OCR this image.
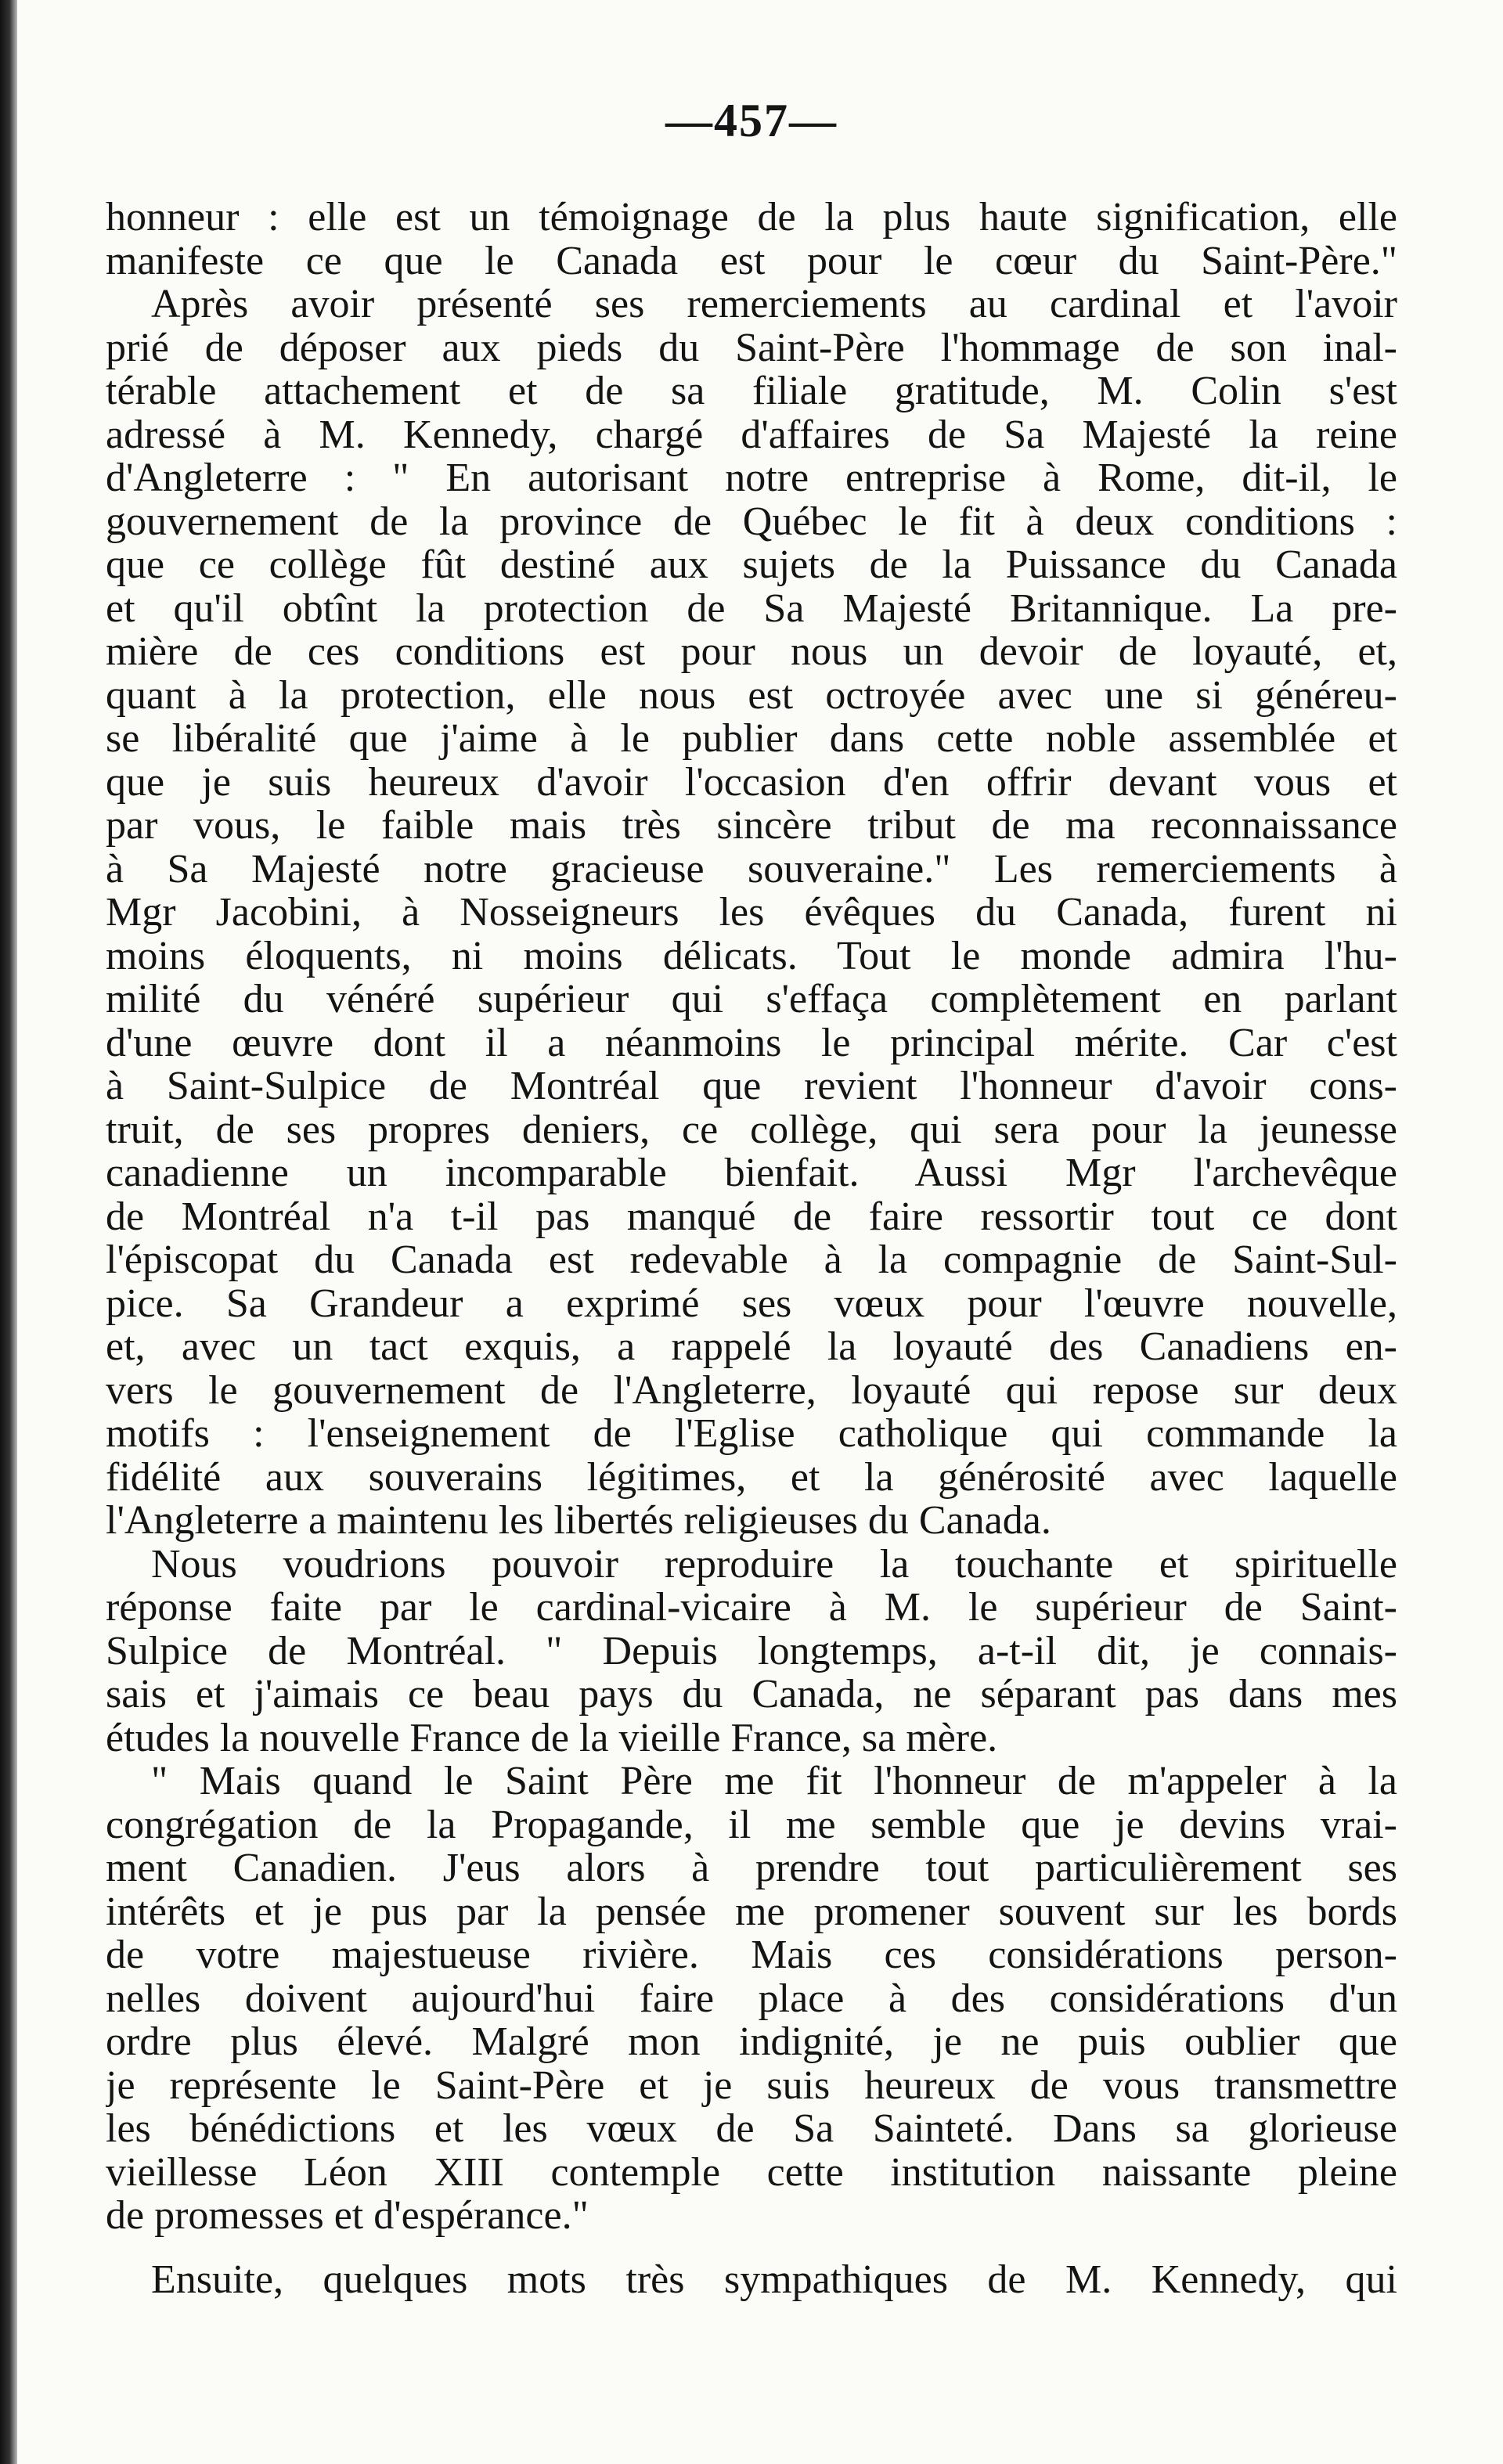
—457—
honneur : elle est un témoignage de la plus haute signification, elle
manifeste ce que le Canada est pour le cœur du Saint-Père."
Après avoir présenté ses remerciements au cardinal et l'avoir
prié de déposer aux pieds du Saint-Père l'hommage de son inal-
térable attachement et de sa filiale gratitude, M. Colin s'est
adressé à M. Kennedy, chargé d'affaires de Sa Majesté la reine
d'Angleterre : " En autorisant notre entreprise à Rome, dit-il, le
gouvernement de la province de Québec le fit à deux conditions :
que ce collège fût destiné aux sujets de la Puissance du Canada
et qu'il obtînt la protection de Sa Majesté Britannique. La pre-
mière de ces conditions est pour nous un devoir de loyauté, et,
quant à la protection, elle nous est octroyée avec une si généreu-
se libéralité que j'aime à le publier dans cette noble assemblée et
que je suis heureux d'avoir l'occasion d'en offrir devant vous et
par vous, le faible mais très sincère tribut de ma reconnaissance
à Sa Majesté notre gracieuse souveraine." Les remerciements à
Mgr Jacobini, à Nosseigneurs les évêques du Canada, furent ni
moins éloquents, ni moins délicats. Tout le monde admira l'hu-
milité du vénéré supérieur qui s'effaça complètement en parlant
d'une œuvre dont il a néanmoins le principal mérite. Car c'est
à Saint-Sulpice de Montréal que revient l'honneur d'avoir cons-
truit, de ses propres deniers, ce collège, qui sera pour la jeunesse
canadienne un incomparable bienfait. Aussi Mgr l'archevêque
de Montréal n'a t-il pas manqué de faire ressortir tout ce dont
l'épiscopat du Canada est redevable à la compagnie de Saint-Sul-
pice. Sa Grandeur a exprimé ses vœux pour l'œuvre nouvelle,
et, avec un tact exquis, a rappelé la loyauté des Canadiens en-
vers le gouvernement de l'Angleterre, loyauté qui repose sur deux
motifs : l'enseignement de l'Eglise catholique qui commande la
fidélité aux souverains légitimes, et la générosité avec laquelle
l'Angleterre a maintenu les libertés religieuses du Canada.
Nous voudrions pouvoir reproduire la touchante et spirituelle
réponse faite par le cardinal-vicaire à M. le supérieur de Saint-
Sulpice de Montréal. " Depuis longtemps, a-t-il dit, je connais-
sais et j'aimais ce beau pays du Canada, ne séparant pas dans mes
études la nouvelle France de la vieille France, sa mère.
" Mais quand le Saint Père me fit l'honneur de m'appeler à la
congrégation de la Propagande, il me semble que je devins vrai-
ment Canadien. J'eus alors à prendre tout particulièrement ses
intérêts et je pus par la pensée me promener souvent sur les bords
de votre majestueuse rivière. Mais ces considérations person-
nelles doivent aujourd'hui faire place à des considérations d'un
ordre plus élevé. Malgré mon indignité, je ne puis oublier que
je représente le Saint-Père et je suis heureux de vous transmettre
les bénédictions et les vœux de Sa Sainteté. Dans sa glorieuse
vieillesse Léon XIII contemple cette institution naissante pleine
de promesses et d'espérance."
Ensuite, quelques mots très sympathiques de M. Kennedy, qui
